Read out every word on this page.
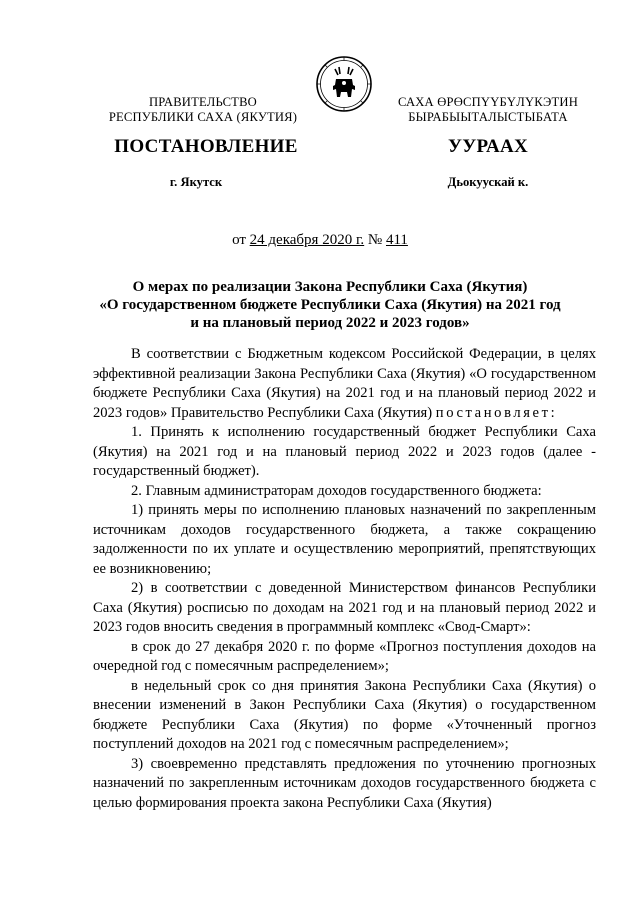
ПРАВИТЕЛЬСТВО
РЕСПУБЛИКИ САХА (ЯКУТИЯ)
САХА ӨРӨСПҮҮБҮЛҮКЭТИН
БЫРАБЫЫТАЛЫСТЫБАТА
ПОСТАНОВЛЕНИЕ	УУРААХ
г. Якутск	Дьокуускай к.
от 24 декабря 2020 г. № 411
О мерах по реализации Закона Республики Саха (Якутия)
«О государственном бюджете Республики Саха (Якутия) на 2021 год
и на плановый период 2022 и 2023 годов»

В соответствии с Бюджетным кодексом Российской Федерации, в целях эффективной реализации Закона Республики Саха (Якутия) «О государственном бюджете Республики Саха (Якутия) на 2021 год и на плановый период 2022 и 2023 годов» Правительство Республики Саха (Якутия) постановляет:

1. Принять к исполнению государственный бюджет Республики Саха (Якутия) на 2021 год и на плановый период 2022 и 2023 годов (далее - государственный бюджет).

2. Главным администраторам доходов государственного бюджета:

1) принять меры по исполнению плановых назначений по закрепленным источникам доходов государственного бюджета, а также сокращению задолженности по их уплате и осуществлению мероприятий, препятствующих ее возникновению;

2) в соответствии с доведенной Министерством финансов Республики Саха (Якутия) росписью по доходам на 2021 год и на плановый период 2022 и 2023 годов вносить сведения в программный комплекс «Свод-Смарт»:

в срок до 27 декабря 2020 г. по форме «Прогноз поступления доходов на очередной год с помесячным распределением»;

в недельный срок со дня принятия Закона Республики Саха (Якутия) о внесении изменений в Закон Республики Саха (Якутия) о государственном бюджете Республики Саха (Якутия) по форме «Уточненный прогноз поступлений доходов на 2021 год с помесячным распределением»;

3) своевременно представлять предложения по уточнению прогнозных назначений по закрепленным источникам доходов государственного бюджета с целью формирования проекта закона Республики Саха (Якутия)
